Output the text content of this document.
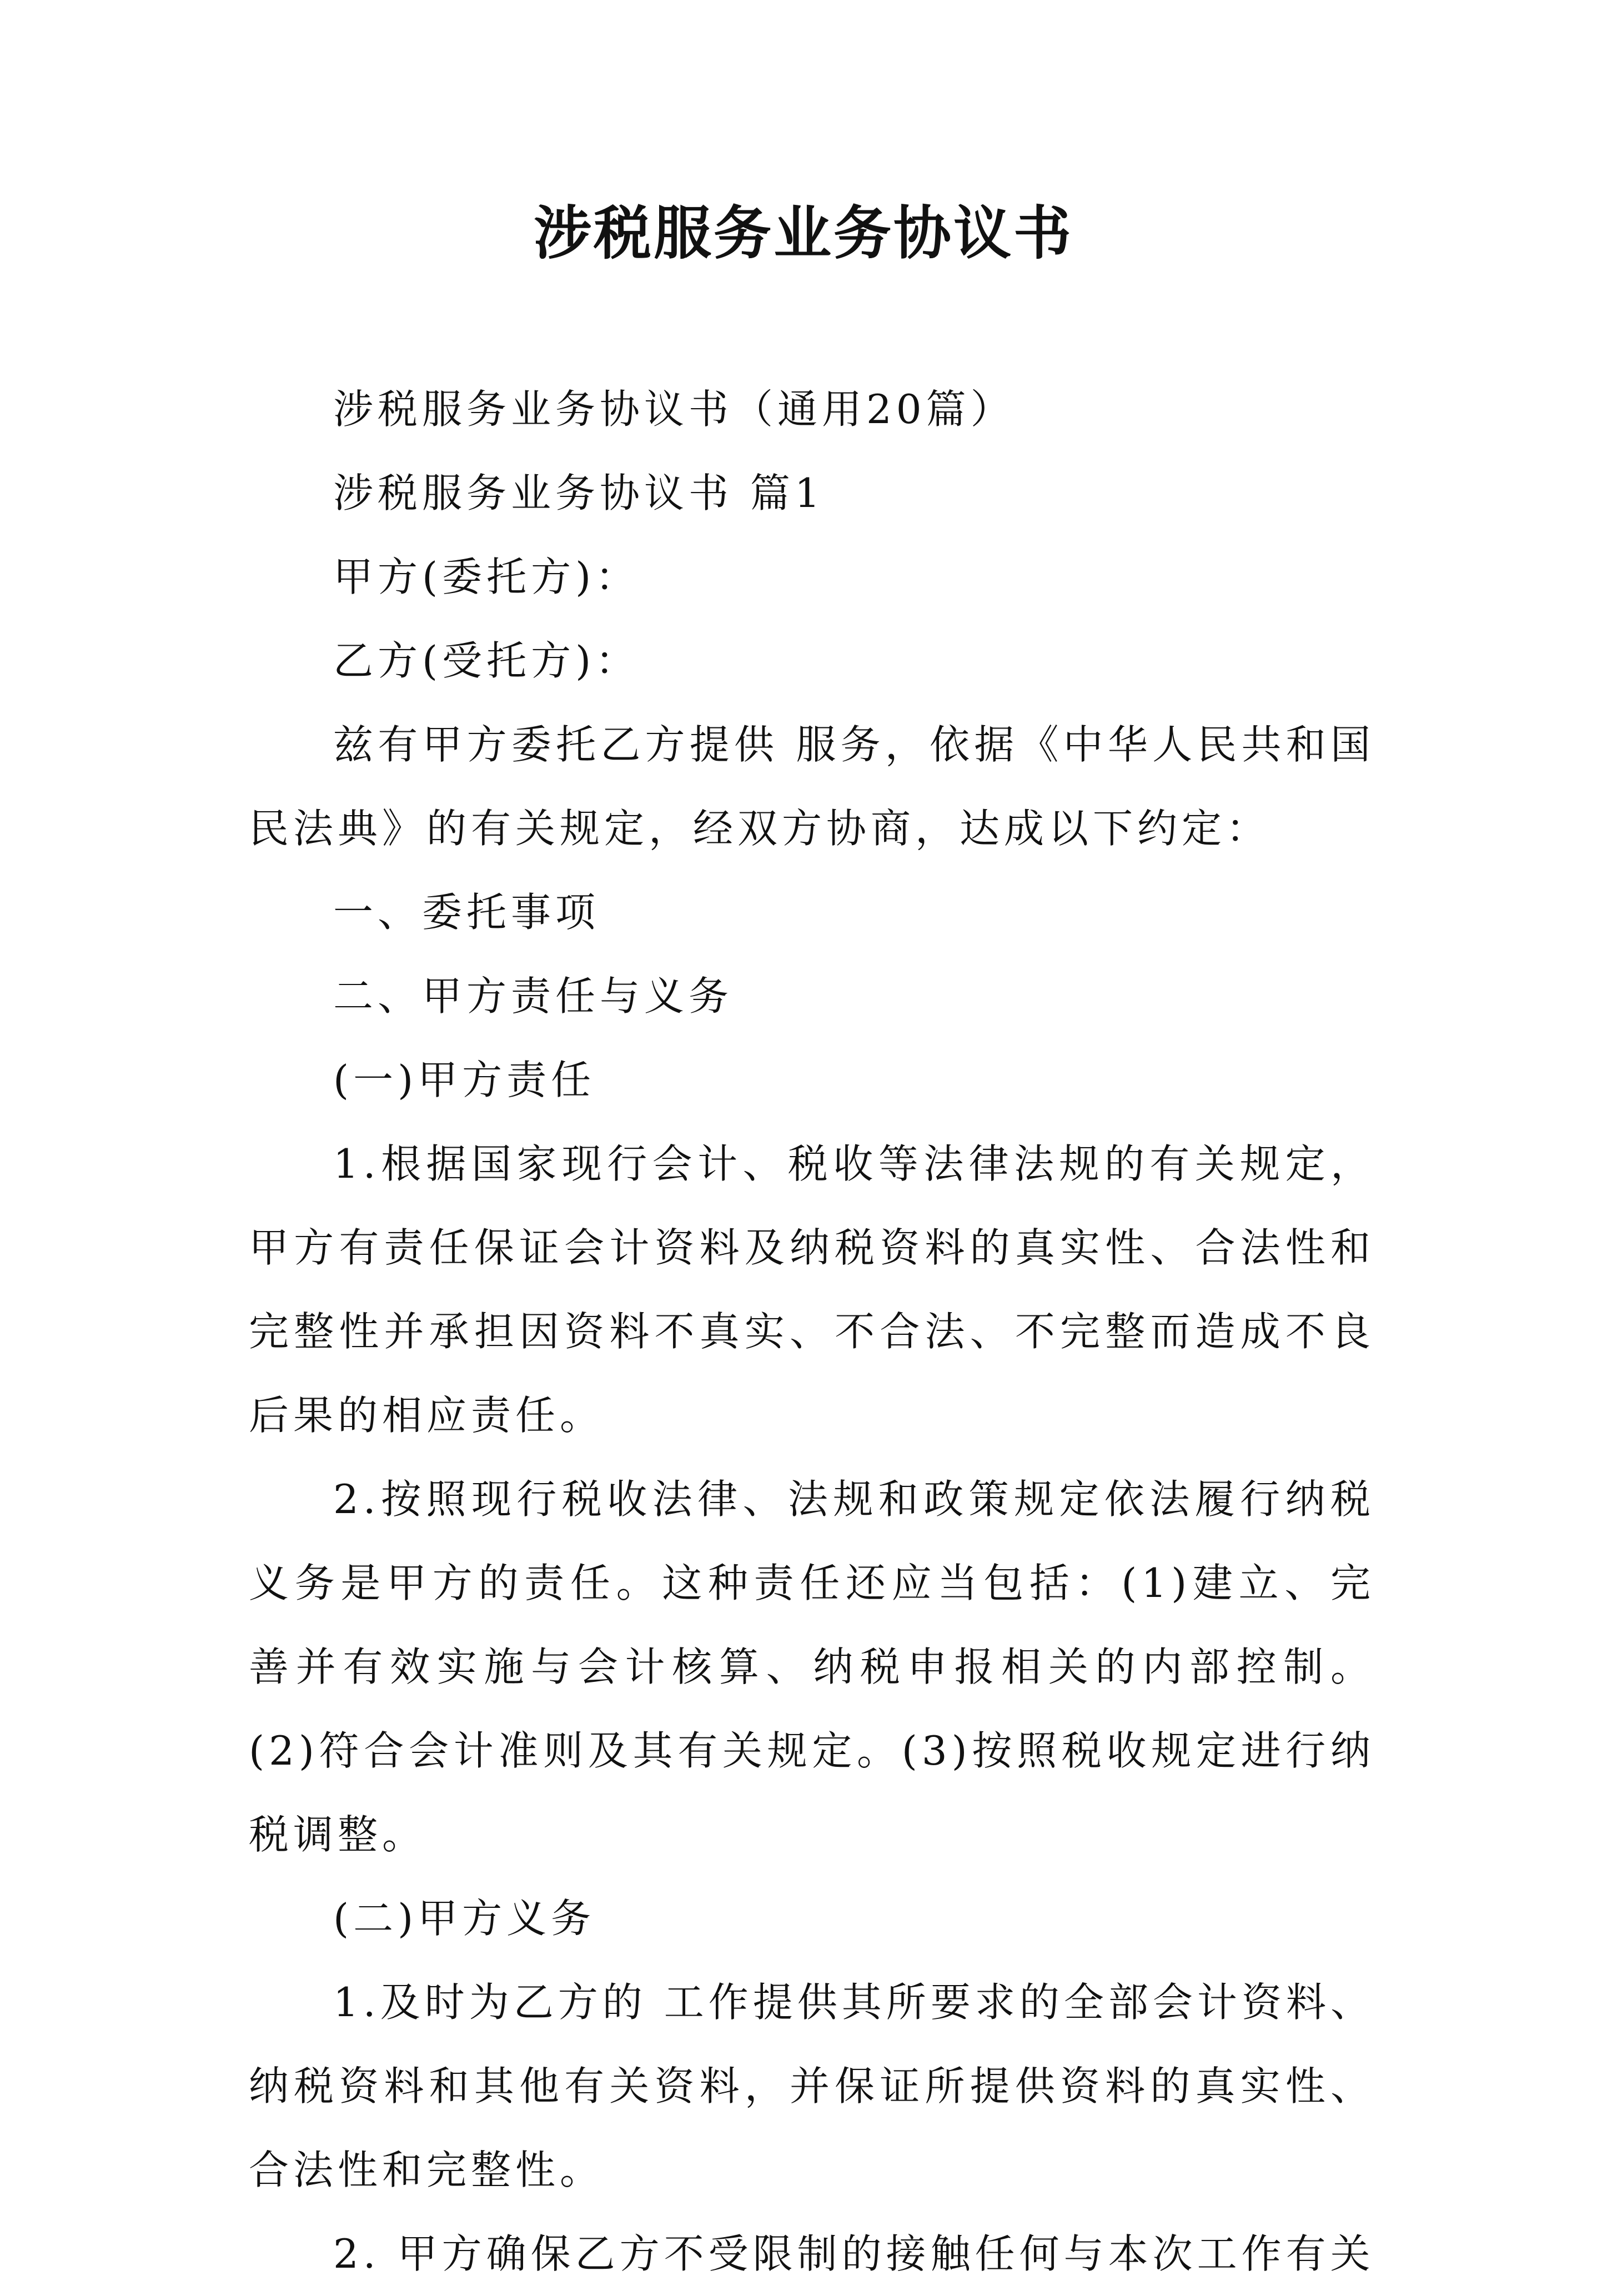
涉税服务业务协议书

涉税服务业务协议书（通用20篇）

涉税服务业务协议书 篇1

甲方(委托方)：

乙方(受托方)：

兹有甲方委托乙方提供 服务，依据《中华人民共和国民法典》的有关规定，经双方协商，达成以下约定：

一、委托事项

二、甲方责任与义务

(一)甲方责任

1.根据国家现行会计、税收等法律法规的有关规定，甲方有责任保证会计资料及纳税资料的真实性、合法性和完整性并承担因资料不真实、不合法、不完整而造成不良后果的相应责任。

2.按照现行税收法律、法规和政策规定依法履行纳税义务是甲方的责任。这种责任还应当包括：(1)建立、完善并有效实施与会计核算、纳税申报相关的内部控制。(2)符合会计准则及其有关规定。(3)按照税收规定进行纳税调整。

(二)甲方义务

1.及时为乙方的 工作提供其所要求的全部会计资料、纳税资料和其他有关资料，并保证所提供资料的真实性、合法性和完整性。

2. 甲方确保乙方不受限制的接触任何与本次工作有关
